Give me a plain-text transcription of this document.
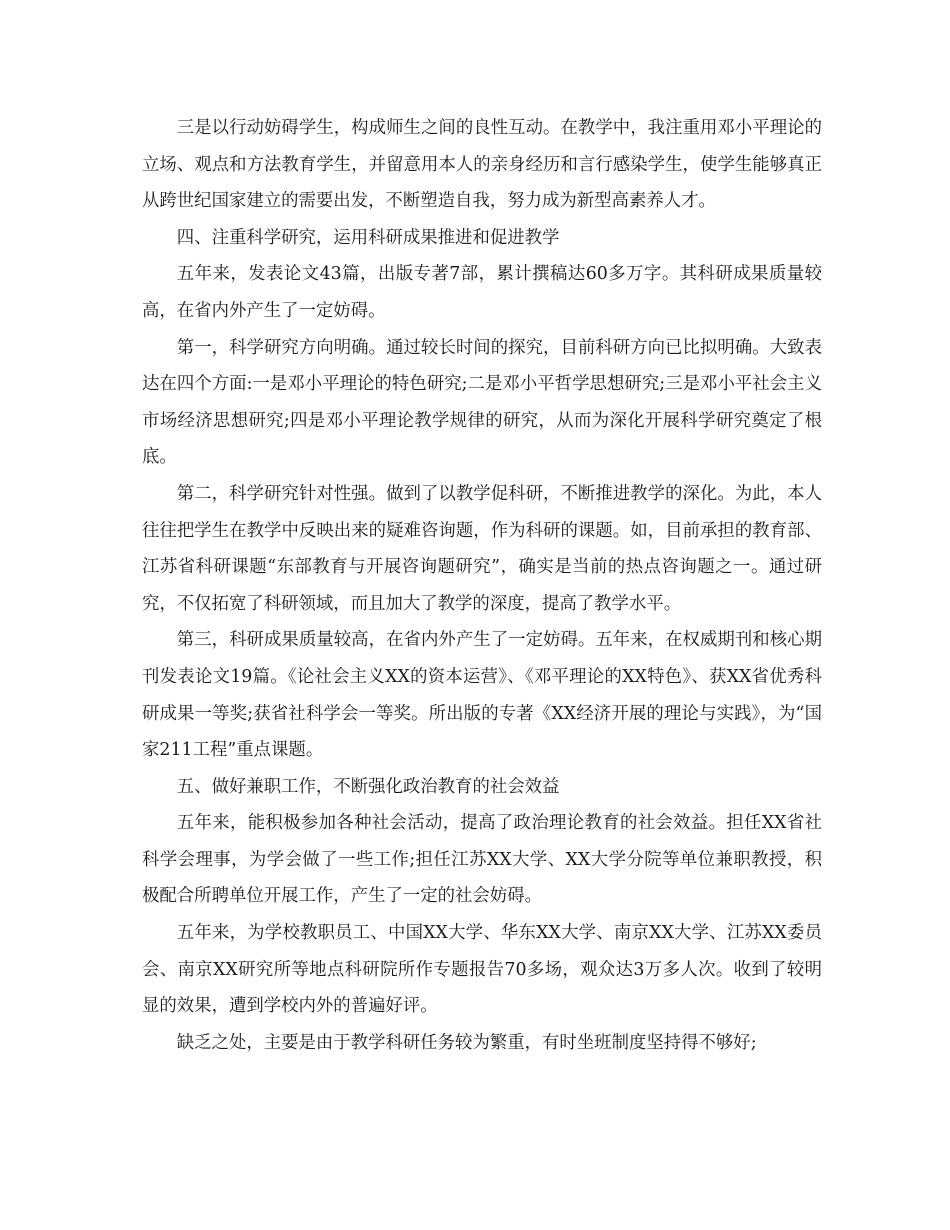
三是以行动妨碍学生，构成师生之间的良性互动。在教学中，我注重用邓小平理论的立场、观点和方法教育学生，并留意用本人的亲身经历和言行感染学生，使学生能够真正从跨世纪国家建立的需要出发，不断塑造自我，努力成为新型高素养人才。

四、注重科学研究，运用科研成果推进和促进教学

五年来，发表论文43篇，出版专著7部，累计撰稿达60多万字。其科研成果质量较高，在省内外产生了一定妨碍。

第一，科学研究方向明确。通过较长时间的探究，目前科研方向已比拟明确。大致表达在四个方面:一是邓小平理论的特色研究;二是邓小平哲学思想研究;三是邓小平社会主义市场经济思想研究;四是邓小平理论教学规律的研究，从而为深化开展科学研究奠定了根底。

第二，科学研究针对性强。做到了以教学促科研，不断推进教学的深化。为此，本人往往把学生在教学中反映出来的疑难咨询题，作为科研的课题。如，目前承担的教育部、江苏省科研课题“东部教育与开展咨询题研究”，确实是当前的热点咨询题之一。通过研究，不仅拓宽了科研领域，而且加大了教学的深度，提高了教学水平。

第三，科研成果质量较高，在省内外产生了一定妨碍。五年来，在权威期刊和核心期刊发表论文19篇。《论社会主义XX的资本运营》、《邓平理论的XX特色》、获XX省优秀科研成果一等奖;获省社科学会一等奖。所出版的专著《XX经济开展的理论与实践》，为“国家211工程”重点课题。

五、做好兼职工作，不断强化政治教育的社会效益

五年来，能积极参加各种社会活动，提高了政治理论教育的社会效益。担任XX省社科学会理事，为学会做了一些工作;担任江苏XX大学、XX大学分院等单位兼职教授，积极配合所聘单位开展工作，产生了一定的社会妨碍。

五年来，为学校教职员工、中国XX大学、华东XX大学、南京XX大学、江苏XX委员会、南京XX研究所等地点科研院所作专题报告70多场，观众达3万多人次。收到了较明显的效果，遭到学校内外的普遍好评。

缺乏之处，主要是由于教学科研任务较为繁重，有时坐班制度坚持得不够好;
